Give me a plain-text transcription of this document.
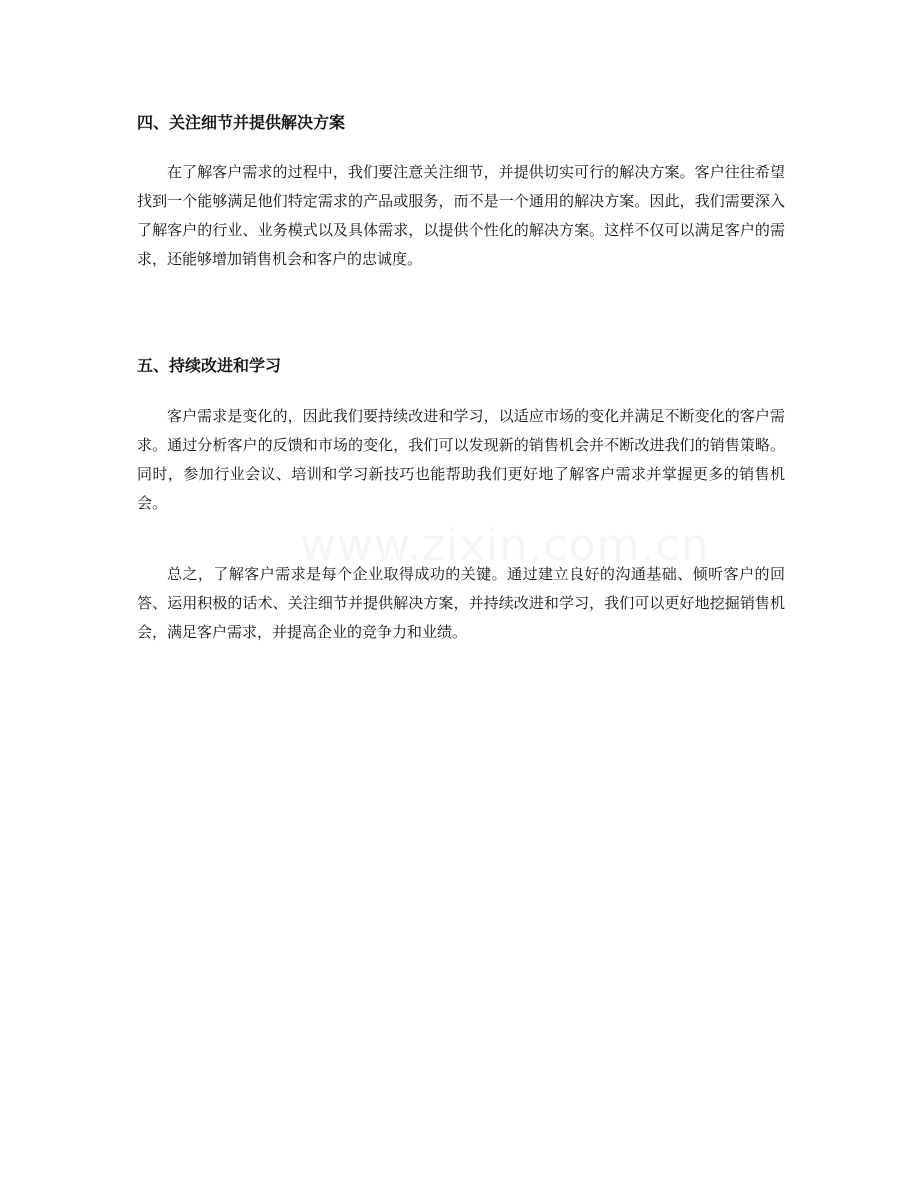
四、关注细节并提供解决方案

在了解客户需求的过程中，我们要注意关注细节，并提供切实可行的解决方案。客户往往希望找到一个能够满足他们特定需求的产品或服务，而不是一个通用的解决方案。因此，我们需要深入了解客户的行业、业务模式以及具体需求，以提供个性化的解决方案。这样不仅可以满足客户的需求，还能够增加销售机会和客户的忠诚度。

五、持续改进和学习

客户需求是变化的，因此我们要持续改进和学习，以适应市场的变化并满足不断变化的客户需求。通过分析客户的反馈和市场的变化，我们可以发现新的销售机会并不断改进我们的销售策略。同时，参加行业会议、培训和学习新技巧也能帮助我们更好地了解客户需求并掌握更多的销售机会。

总之，了解客户需求是每个企业取得成功的关键。通过建立良好的沟通基础、倾听客户的回答、运用积极的话术、关注细节并提供解决方案，并持续改进和学习，我们可以更好地挖掘销售机会，满足客户需求，并提高企业的竞争力和业绩。

www.zixin.com.cn
